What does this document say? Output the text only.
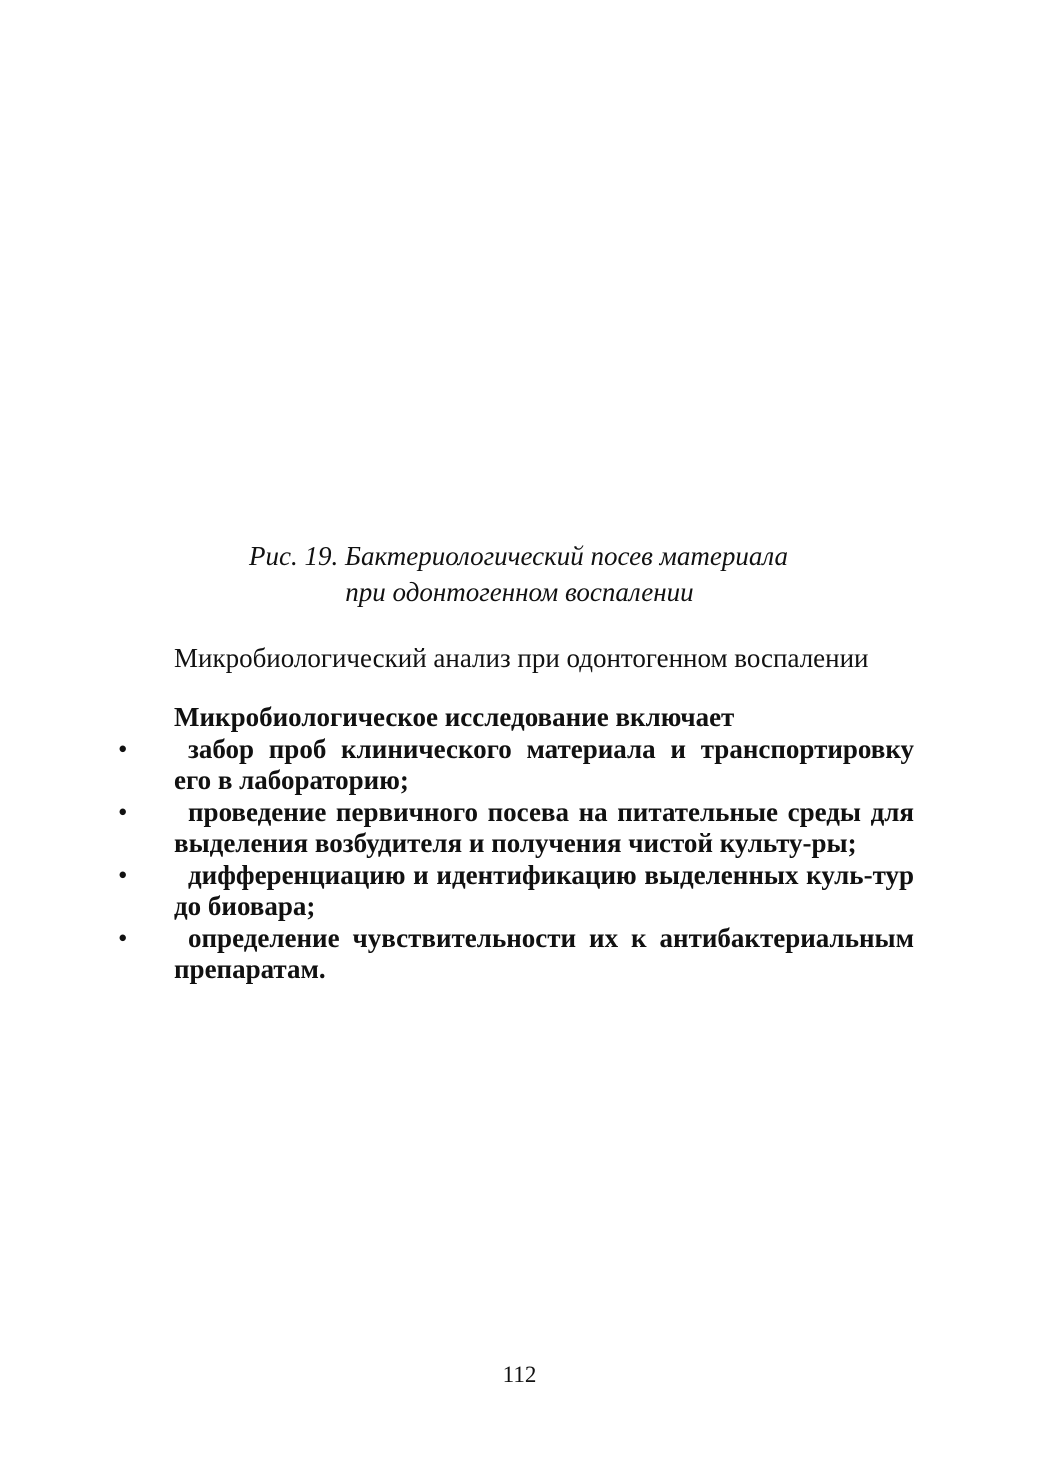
Рис. 19. Бактериологический посев материала
при одонтогенном воспалении
Микробиологический анализ при одонтогенном воспалении

Микробиологическое исследование включает

• забор проб клинического материала и транспортировку его в лабораторию;
• проведение первичного посева на питательные среды для выделения возбудителя и получения чистой культу-ры;
• дифференциацию и идентификацию выделенных куль-тур до биовара;
• определение чувствительности их к антибактериальным препаратам.
112
